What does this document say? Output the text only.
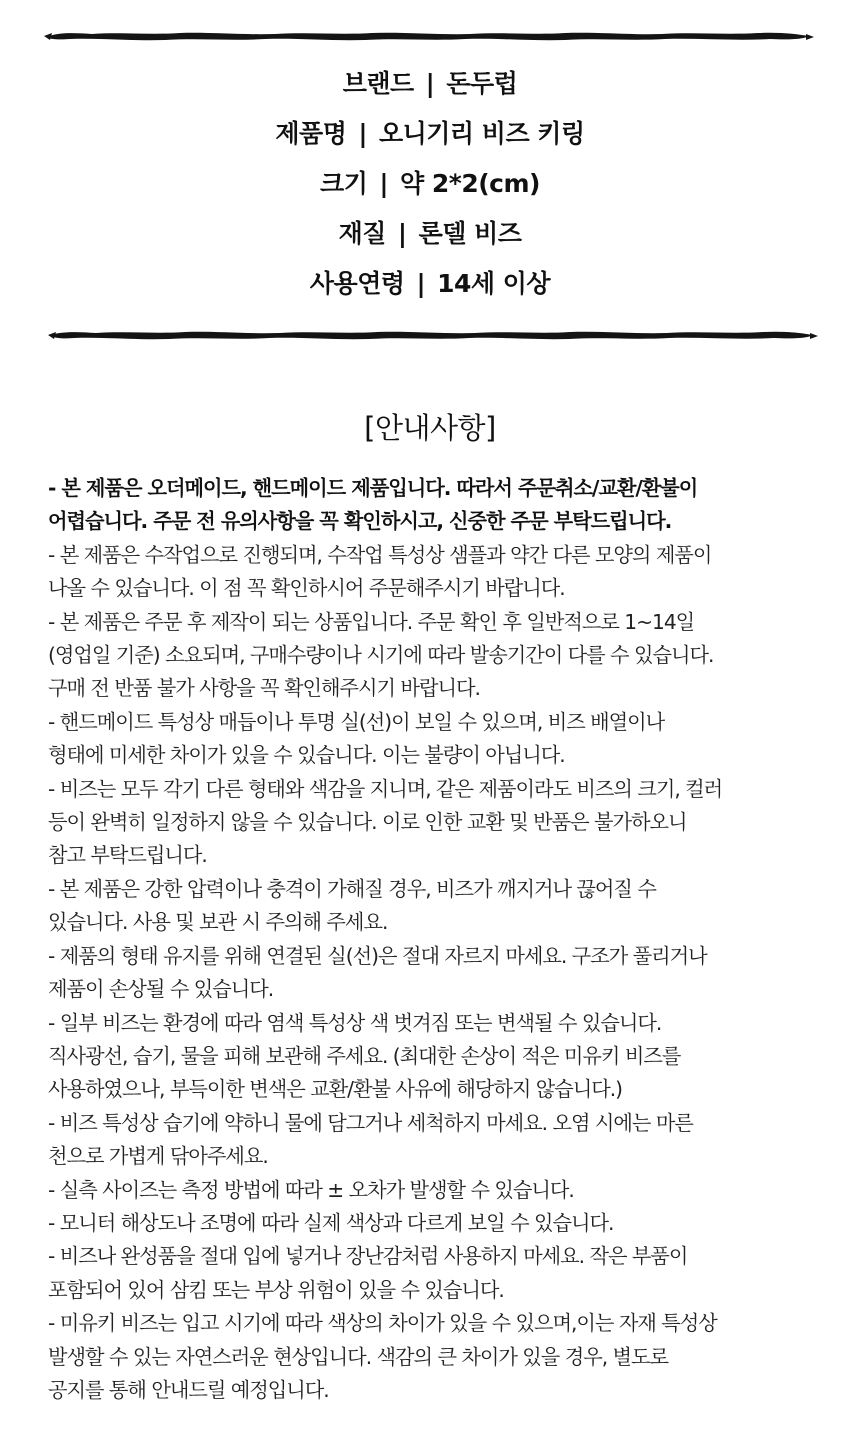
브랜드 | 돈두럽
제품명 | 오니기리 비즈 키링
크기 | 약 2*2(cm)
재질 | 론델 비즈
사용연령 | 14세 이상
[안내사항]

- 본 제품은 오더메이드, 핸드메이드 제품입니다. 따라서 주문취소/교환/환불이
어렵습니다. 주문 전 유의사항을 꼭 확인하시고, 신중한 주문 부탁드립니다.

- 본 제품은 수작업으로 진행되며, 수작업 특성상 샘플과 약간 다른 모양의 제품이
나올 수 있습니다. 이 점 꼭 확인하시어 주문해주시기 바랍니다.

- 본 제품은 주문 후 제작이 되는 상품입니다. 주문 확인 후 일반적으로 1~14일
(영업일 기준) 소요되며, 구매수량이나 시기에 따라 발송기간이 다를 수 있습니다.
구매 전 반품 불가 사항을 꼭 확인해주시기 바랍니다.

- 핸드메이드 특성상 매듭이나 투명 실(선)이 보일 수 있으며, 비즈 배열이나
형태에 미세한 차이가 있을 수 있습니다. 이는 불량이 아닙니다.

- 비즈는 모두 각기 다른 형태와 색감을 지니며, 같은 제품이라도 비즈의 크기, 컬러
등이 완벽히 일정하지 않을 수 있습니다. 이로 인한 교환 및 반품은 불가하오니
참고 부탁드립니다.

- 본 제품은 강한 압력이나 충격이 가해질 경우, 비즈가 깨지거나 끊어질 수
있습니다. 사용 및 보관 시 주의해 주세요.

- 제품의 형태 유지를 위해 연결된 실(선)은 절대 자르지 마세요. 구조가 풀리거나
제품이 손상될 수 있습니다.

- 일부 비즈는 환경에 따라 염색 특성상 색 벗겨짐 또는 변색될 수 있습니다.
직사광선, 습기, 물을 피해 보관해 주세요. (최대한 손상이 적은 미유키 비즈를
사용하였으나, 부득이한 변색은 교환/환불 사유에 해당하지 않습니다.)

- 비즈 특성상 습기에 약하니 물에 담그거나 세척하지 마세요. 오염 시에는 마른
천으로 가볍게 닦아주세요.

- 실측 사이즈는 측정 방법에 따라 ± 오차가 발생할 수 있습니다.

- 모니터 해상도나 조명에 따라 실제 색상과 다르게 보일 수 있습니다.

- 비즈나 완성품을 절대 입에 넣거나 장난감처럼 사용하지 마세요. 작은 부품이
포함되어 있어 삼킴 또는 부상 위험이 있을 수 있습니다.

- 미유키 비즈는 입고 시기에 따라 색상의 차이가 있을 수 있으며,이는 자재 특성상
발생할 수 있는 자연스러운 현상입니다. 색감의 큰 차이가 있을 경우, 별도로
공지를 통해 안내드릴 예정입니다.
